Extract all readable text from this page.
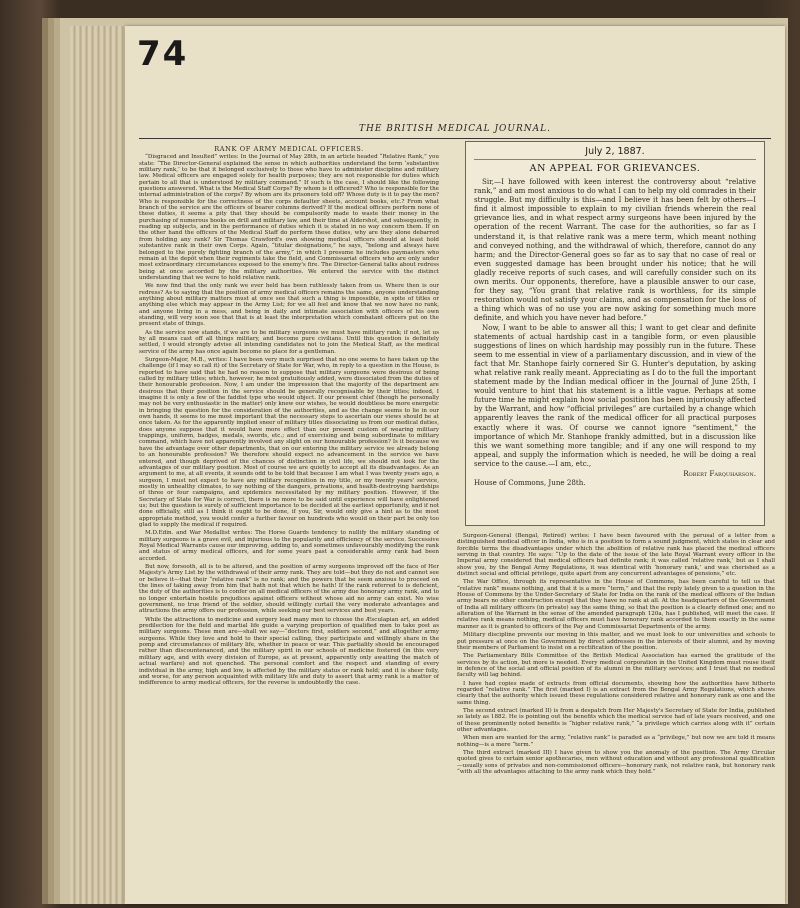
74
THE BRITISH MEDICAL JOURNAL.
RANK OF ARMY MEDICAL OFFICERS.

“Disgraced and Insulted” writes: In the Journal of May 28th, in an article headed “Relative Rank,” you state: “The Director-General explained the sense in which authorities understand the term ‘substantive military rank,’ to be that it belonged exclusively to those who have to administer discipline and military law. Medical officers are engaged solely for health purposes; they are not responsible for duties which pertain to all that is understood by military command.” If such is the case, I should like the following questions answered. What is the Medical Staff Corps? By whom is it officered? Who is responsible for the internal administration of the corps? By whom are its prisoners told off? Whose duty is it to pay the men? Who is responsible for the correctness of the corps defaulter sheets, account books, etc.? From what branch of the service are the officers of bearer columns derived? If the medical officers perform none of these duties, it seems a pity that they should be compulsorily made to waste their money in the purchasing of numerous books on drill and military law, and their time at Aldershot, and subsequently, in reading up subjects, and in the performance of duties which it is stated in no way concern them. If on the other hand the officers of the Medical Staff do perform these duties, why are they alone debarred from holding any rank? Sir Thomas Crawford's own showing medical officers should at least hold substantive rank in their own Corps. Again, “titular designations,” he says, “belong and always have belonged to the purely fighting branch of the army,” in which I presume he includes paymasters who remain at the depôt when their regiments take the field, and Commissariat officers who are only under most extraordinary circumstances exposed to the enemy's fire. The Director-General talks about redress being at once accorded by the military authorities. We entered the service with the distinct understanding that we were to hold relative rank.

We now find that the only rank we ever held has been ruthlessly taken from us. Where then is our redress? As to saying that the position of army medical officers remains the same, anyone understanding anything about military matters must at once see that such a thing is impossible, in spite of titles or anything else which may appear in the Army List; for we all feel and know that we now have no rank, and anyone living in a mess, and being in daily and intimate association with officers of his own standing, will very soon see that that is at least the interpretation which combatant officers put on the present state of things.

As the service now stands, if we are to be military surgeons we must have military rank; if not, let us by all means cast off all things military, and become pure civilians. Until this question is definitely settled, I would strongly advise all intending candidates not to join the Medical Staff, as the medical service of the army has once again become no place for a gentleman.

Surgeon-Major, M.B., writes: I have been very much surprised that no one seems to have taken up the challenge (if I may so call it) of the Secretary of State for War, who, in reply to a question in the House, is reported to have said that he had no reason to suppose that military surgeons were desirous of being called by military titles; which, however, he most gratuitously added, were dissociated from the duties of their honourable profession. Now, I am under the impression that the majority of the department are desirous that their position in the service should be generally recognisable by their titles; indeed, I imagine it is only a few of the faddist type who would object. If our present chief (though he personally may not be very enthusiastic in the matter) only knew our wishes, he would doubtless be more energetic in bringing the question for the consideration of the authorities, and as the change seems to lie in our own hands, it seems to me most important that the necessary steps to ascertain our views should be at once taken. As for the apparently implied sneer of military titles dissociating us from our medical duties, does anyone suppose that it would have more effect than our present custom of wearing military trappings, uniform, badges, medals, swords, etc.; and of exercising and being subordinate to military command, which have not apparently involved any slight on our honourable profession? Is it because we have the advantage over other departments, that on our entering the military service we already belong to an honourable profession? We therefore should expect no advancement in the service we have entered, and though deprived of the chances of distinction in civil life, we should not look for the advantages of our military position. Most of course we are quietly to accept all its disadvantages. As an argument to me, at all events, it sounds odd to be told that because I am what I was twenty years ago, a surgeon, I must not expect to have any military recognition in my title, or my twenty years' service, mostly in unhealthy climates, to say nothing of the dangers, privations, and health-destroying hardships of three or four campaigns, and epidemics necessitated by my military position. However, if the Secretary of State for War is correct, there is no more to be said until experience will have enlightened us; but the question is surely of sufficient importance to be decided at the earliest opportunity, and if not done officially, still as I think it ought to be done, if you, Sir, would only give a hint as to the most appropriate method, you would confer a further favour on hundreds who would on their part be only too glad to supply the medical if required.

M.D.Edin. and War Medallist writes: The Horse Guards tendency to nullify the military standing of military surgeons is a grave evil, and injurious to the popularity and efficiency of the service. Successive Royal Medical Warrants cause our improving, adding to, and sometimes unfavourably modifying the rank and status of army medical officers, and for some years past a considerable army rank had been accorded.

But now, forsooth, all is to be altered, and the position of army surgeons improved off the face of Her Majesty's Army List by the withdrawal of their army rank. They are told—but they do not and cannot see or believe it—that their “relative rank” is no rank; and the powers that be seem anxious to proceed on the lines of taking away from him that hath not that which he hath! If the rank referred to is deficient, the duty of the authorities is to confer on all medical officers of the army due honorary army rank, and to no longer entertain hostile prejudices against officers without whose aid no army can exist. No wise government, no true friend of the soldier, should willingly curtail the very moderate advantages and attractions the army offers our profession, while seeking our best services and best years.

While the attractions to medicine and surgery lead many men to choose the Æsculapian art, an added predilection for the field and martial life guide a varying proportion of qualified men to take post as military surgeons. These men are—shall we say—“doctors first, soldiers second,” and altogether army surgeons. While they love and hold to their special calling, they participate and willingly share in the pomp and circumstances of military life, whether in peace or war. This partiality should be encouraged rather than discountenanced, and the military spirit in our schools of medicine fostered (in this very military age, and with every division of Europe, as at present, apparently only awaiting the match of actual warfare) and not quenched. The personal comfort and the respect and standing of every individual in the army, high and low, is affected by the military status or rank held; and it is sheer folly, and worse, for any person acquainted with military life and duty to assert that army rank is a matter of indifference to army medical officers, for the reverse is undoubtedly the case.

July 2, 1887.
AN APPEAL FOR GRIEVANCES.

Sir,—I have followed with keen interest the controversy about “relative rank,” and am most anxious to do what I can to help my old comrades in their struggle. But my difficulty is this—and I believe it has been felt by others—I find it almost impossible to explain to my civilian friends wherein the real grievance lies, and in what respect army surgeons have been injured by the operation of the recent Warrant. The case for the authorities, so far as I understand it, is that relative rank was a mere term, which meant nothing and conveyed nothing, and the withdrawal of which, therefore, cannot do any harm; and the Director-General goes so far as to say that no case of real or even suggested damage has been brought under his notice; that he will gladly receive reports of such cases, and will carefully consider such on its own merits. Our opponents, therefore, have a plausible answer to our case, for they say, “You grant that relative rank is worthless, for its simple restoration would not satisfy your claims, and as compensation for the loss of a thing which was of no use you are now asking for something much more definite, and which you have never had before.”

Now, I want to be able to answer all this; I want to get clear and definite statements of actual hardship cast in a tangible form, or even plausible suggestions of lines on which hardship may possibly run in the future. These seem to me essential in view of a parliamentary discussion, and in view of the fact that Mr. Stanhope fairly cornered Sir G. Hunter's deputation, by asking what relative rank really meant. Appreciating as I do to the full the important statement made by the Indian medical officer in the Journal of June 25th, I would venture to hint that his statement is a little vague. Perhaps at some future time he might explain how social position has been injuriously affected by the Warrant, and how “official privileges” are curtailed by a change which apparently leaves the rank of the medical officer for all practical purposes exactly where it was. Of course we cannot ignore “sentiment,” the importance of which Mr. Stanhope frankly admitted, but in a discussion like this we want something more tangible; and if any one will respond to my appeal, and supply the information which is needed, he will be doing a real service to the cause.—I am, etc.,

Robert Farquharson.
House of Commons, June 28th.

Surgeon-General (Bengal, Retired) writes: I have been favoured with the perusal of a letter from a distinguished medical officer in India, who is in a position to form a sound judgment, which states in clear and forcible terms the disadvantages under which the abolition of relative rank has placed the medical officers serving in that country. He says: “Up to the date of the issue of the late Royal Warrant every officer in the Imperial army considered that medical officers had definite rank; it was called ‘relative rank,’ but as I shall show you, by the Bengal Army Regulations, it was identical with ‘honorary rank,’ and was cherished as a distinct social and official privilege, quite apart from any concurrent advantages of pensions,” etc.

The War Office, through its representative in the House of Commons, has been careful to tell us that “relative rank” means nothing, and that it is a mere “term,” and that the reply lately given to a question in the House of Commons by the Under-Secretary of State for India on the rank of the medical officers of the Indian army bears no other construction except that they have no rank at all. At the headquarters of the Government of India all military officers (in private) say the same thing, so that the position is a clearly defined one; and no alteration of the Warrant in the sense of the amended paragraph 120a, has I published, will meet the case. If relative rank means nothing, medical officers must have honorary rank accorded to them exactly in the same manner as it is granted to officers of the Pay and Commissariat Departments of the army.

Military discipline prevents our moving in this matter, and we must look to our universities and schools to put pressure at once on the Government by direct addresses in the interests of their alumni, and by moving their members of Parliament to insist on a rectification of the position.

The Parliamentary Bills Committee of the British Medical Association has earned the gratitude of the services by its action, but more is needed. Every medical corporation in the United Kingdom must rouse itself in defence of the social and official position of its alumni in the military services; and I trust that no medical faculty will lag behind.

I have had copies made of extracts from official documents, showing how the authorities have hitherto regarded “relative rank.” The first (marked I) is an extract from the Bengal Army Regulations, which shows clearly that the authority which issued these regulations considered relative and honorary rank as one and the same thing.

The second extract (marked II) is from a despatch from Her Majesty's Secretary of State for India, published so lately as 1882. He is pointing out the benefits which the medical service had of late years received, and one of these prominently noted benefits is “higher relative rank,” “a privilege which carries along with it” certain other advantages.

When men are wanted for the army, “relative rank” is paraded as a “privilege,” but now we are told it means nothing—is a mere “term.”

The third extract (marked III) I have given to show you the anomaly of the position. The Army Circular quoted gives to certain senior apothecaries, men without education and without any professional qualification—usually sons of privates and non-commissioned officers—honorary rank, not relative rank, but honorary rank “with all the advantages attaching to the army rank which they hold.”
